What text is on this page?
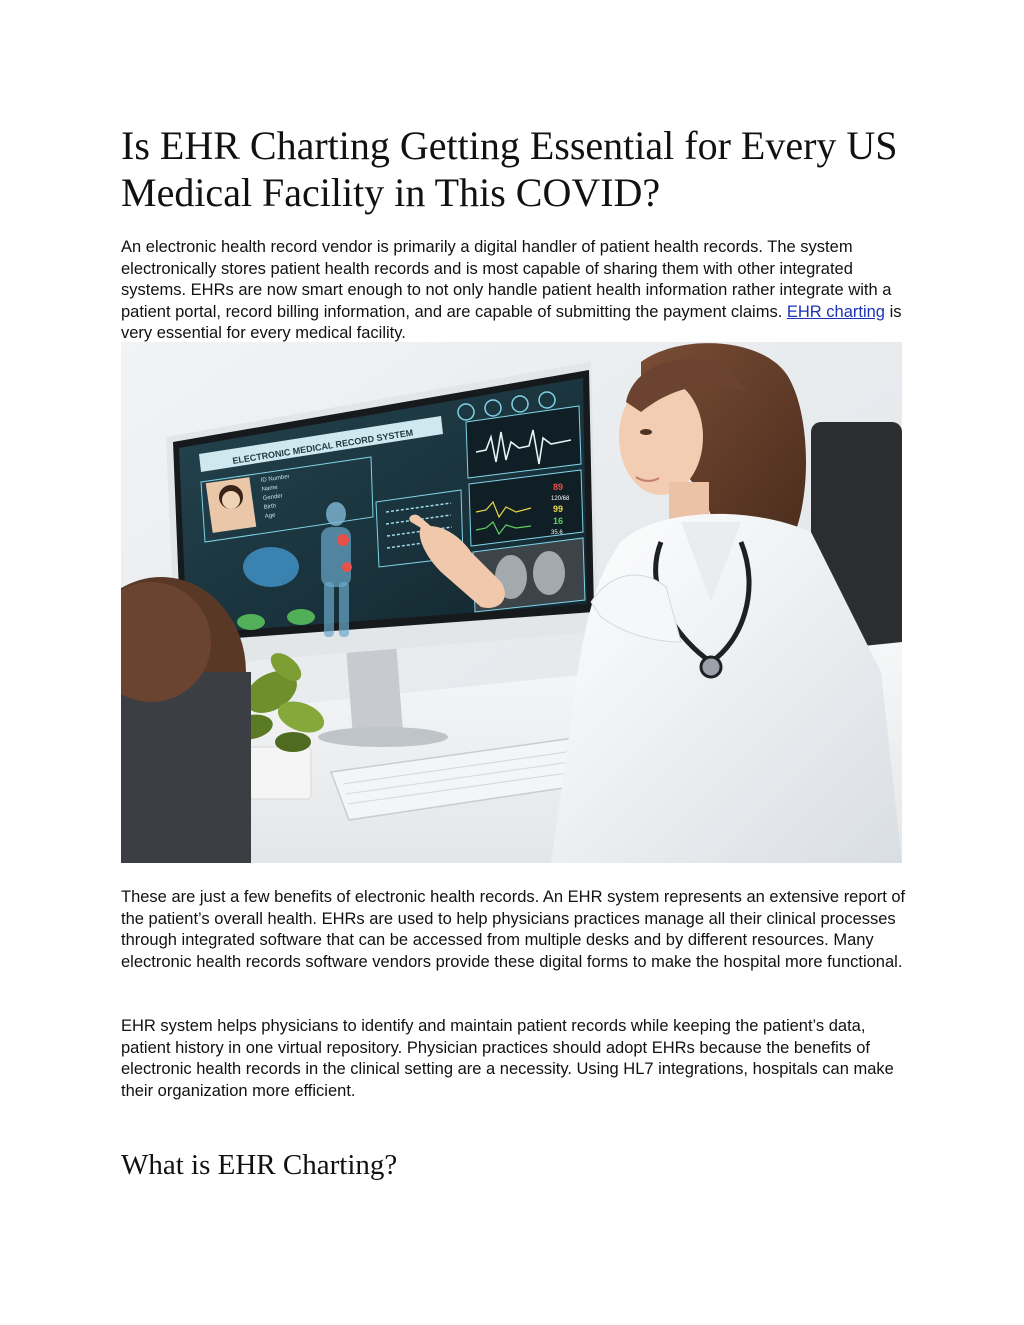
Is EHR Charting Getting Essential for Every US Medical Facility in This COVID?

An electronic health record vendor is primarily a digital handler of patient health records. The system electronically stores patient health records and is most capable of sharing them with other integrated systems. EHRs are now smart enough to not only handle patient health information rather integrate with a patient portal, record billing information, and are capable of submitting the payment claims. EHR charting is very essential for every medical facility.

ELECTRONIC MEDICAL RECORD SYSTEM
ID Number
Name
Gender
Birth
Age
89
120/68
99
16
35.6

These are just a few benefits of electronic health records. An EHR system represents an extensive report of the patient’s overall health. EHRs are used to help physicians practices manage all their clinical processes through integrated software that can be accessed from multiple desks and by different resources. Many electronic health records software vendors provide these digital forms to make the hospital more functional.

EHR system helps physicians to identify and maintain patient records while keeping the patient’s data, patient history in one virtual repository. Physician practices should adopt EHRs because the benefits of electronic health records in the clinical setting are a necessity. Using HL7 integrations, hospitals can make their organization more efficient.

What is EHR Charting?
